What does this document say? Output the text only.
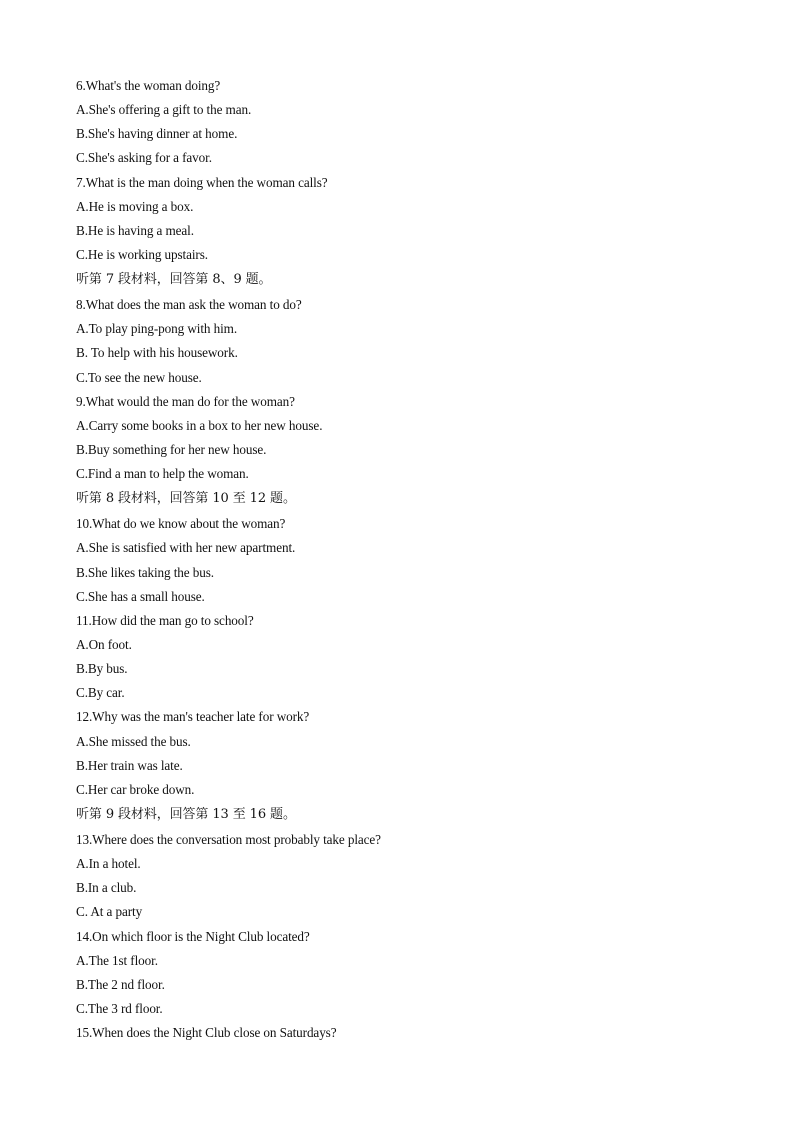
6.What's the woman doing?
A.She's offering a gift to the man.
B.She's having dinner at home.
C.She's asking for a favor.
7.What is the man doing when the woman calls?
A.He is moving a box.
B.He is having a meal.
C.He is working upstairs.
听第 7 段材料，回答第 8、9 题。
8.What does the man ask the woman to do?
A.To play ping-pong with him.
B. To help with his housework.
C.To see the new house.
9.What would the man do for the woman?
A.Carry some books in a box to her new house.
B.Buy something for her new house.
C.Find a man to help the woman.
听第 8 段材料，回答第 10 至 12 题。
10.What do we know about the woman?
A.She is satisfied with her new apartment.
B.She likes taking the bus.
C.She has a small house.
11.How did the man go to school?
A.On foot.
B.By bus.
C.By car.
12.Why was the man's teacher late for work?
A.She missed the bus.
B.Her train was late.
C.Her car broke down.
听第 9 段材料，回答第 13 至 16 题。
13.Where does the conversation most probably take place?
A.In a hotel.
B.In a club.
C. At a party
14.On which floor is the Night Club located?
A.The 1st floor.
B.The 2 nd floor.
C.The 3 rd floor.
15.When does the Night Club close on Saturdays?
